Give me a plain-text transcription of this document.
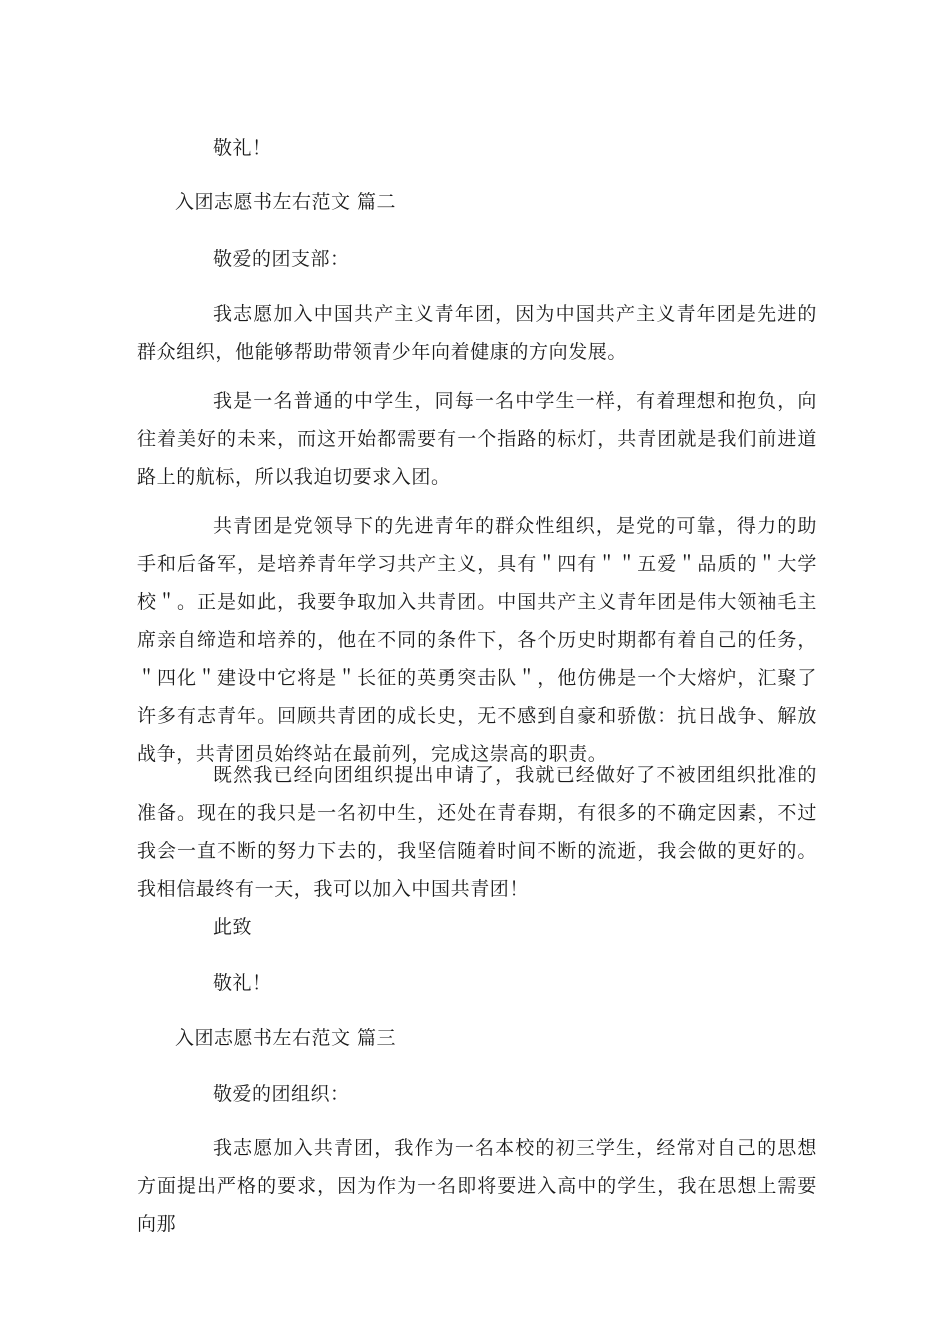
敬礼！
入团志愿书左右范文 篇二
敬爱的团支部：
我志愿加入中国共产主义青年团，因为中国共产主义青年团是先进的群众组织，他能够帮助带领青少年向着健康的方向发展。
我是一名普通的中学生，同每一名中学生一样，有着理想和抱负，向往着美好的未来，而这开始都需要有一个指路的标灯，共青团就是我们前进道路上的航标，所以我迫切要求入团。
共青团是党领导下的先进青年的群众性组织，是党的可靠，得力的助手和后备军，是培养青年学习共产主义，具有＂四有＂＂五爱＂品质的＂大学校＂。正是如此，我要争取加入共青团。中国共产主义青年团是伟大领袖毛主席亲自缔造和培养的，他在不同的条件下，各个历史时期都有着自己的任务，＂四化＂建设中它将是＂长征的英勇突击队＂，他仿佛是一个大熔炉，汇聚了许多有志青年。回顾共青团的成长史，无不感到自豪和骄傲：抗日战争、解放战争，共青团员始终站在最前列，完成这崇高的职责。
既然我已经向团组织提出申请了，我就已经做好了不被团组织批准的准备。现在的我只是一名初中生，还处在青春期，有很多的不确定因素，不过我会一直不断的努力下去的，我坚信随着时间不断的流逝，我会做的更好的。我相信最终有一天，我可以加入中国共青团！
此致
敬礼！
入团志愿书左右范文 篇三
敬爱的团组织：
我志愿加入共青团，我作为一名本校的初三学生，经常对自己的思想方面提出严格的要求，因为作为一名即将要进入高中的学生，我在思想上需要向那
